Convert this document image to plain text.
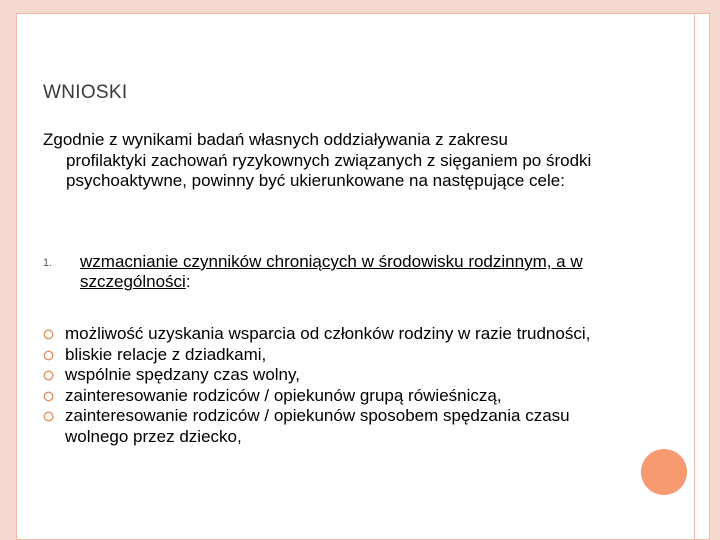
WNIOSKI
Zgodnie z wynikami badań własnych oddziaływania z zakresu
profilaktyki zachowań ryzykownych związanych z sięganiem po środki psychoaktywne, powinny być ukierunkowane na następujące cele:
1. wzmacnianie czynników chroniących w środowisku rodzinnym, a w szczególności:
możliwość uzyskania wsparcia od członków rodziny w razie trudności,
bliskie relacje z dziadkami,
wspólnie spędzany czas wolny,
zainteresowanie rodziców / opiekunów grupą rówieśniczą,
zainteresowanie rodziców / opiekunów sposobem spędzania czasu wolnego przez dziecko,
